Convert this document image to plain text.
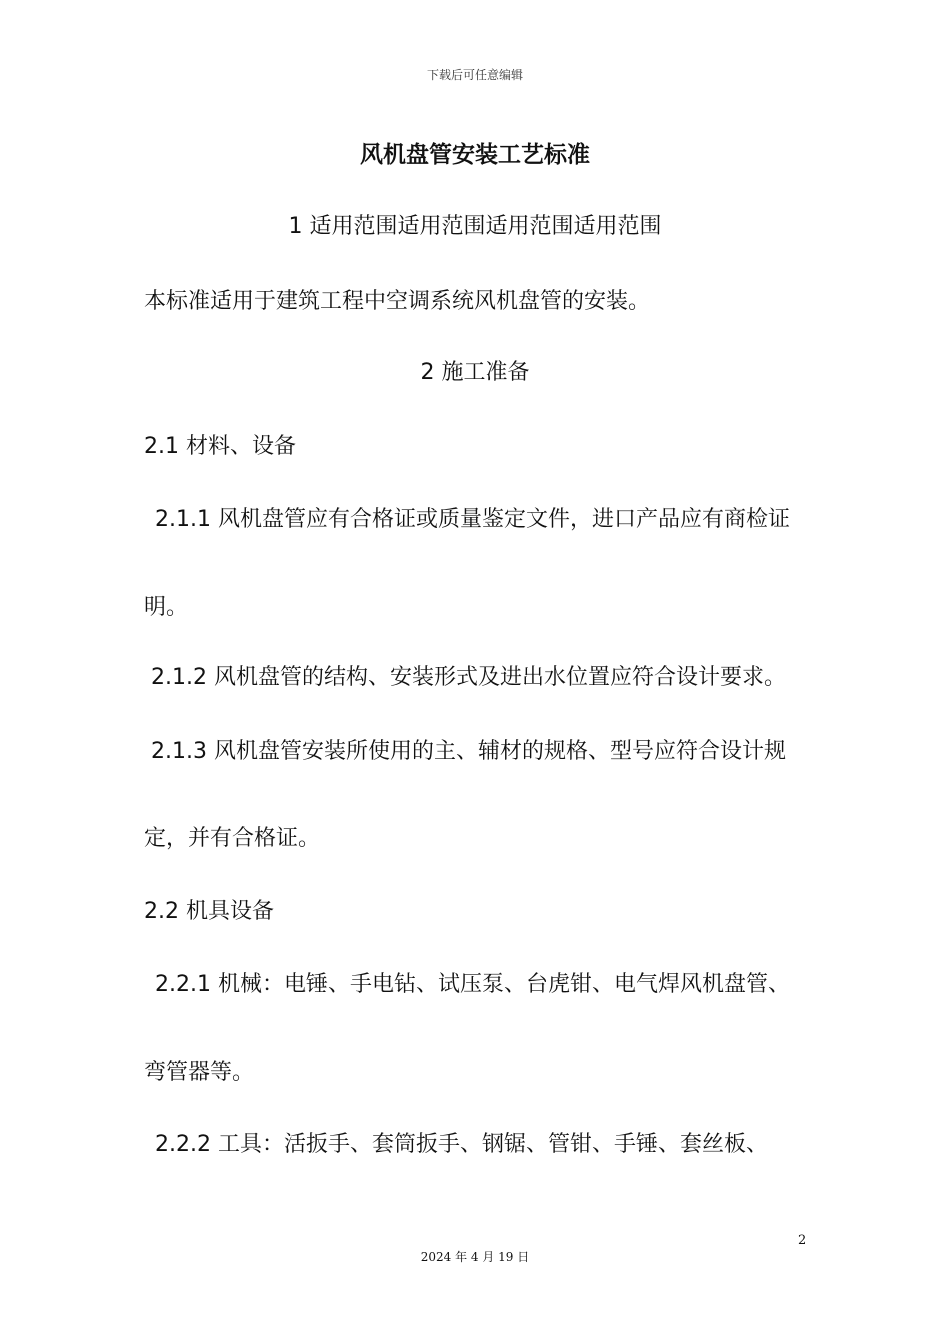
下载后可任意编辑
风机盘管安装工艺标准
1 适用范围适用范围适用范围适用范围
本标准适用于建筑工程中空调系统风机盘管的安装。
2 施工准备
2.1 材料、设备
2.1.1 风机盘管应有合格证或质量鉴定文件，进口产品应有商检证
明。
2.1.2 风机盘管的结构、安装形式及进出水位置应符合设计要求。
2.1.3 风机盘管安装所使用的主、辅材的规格、型号应符合设计规
定，并有合格证。
2.2 机具设备
2.2.1 机械：电锤、手电钻、试压泵、台虎钳、电气焊风机盘管、
弯管器等。
2.2.2 工具：活扳手、套筒扳手、钢锯、管钳、手锤、套丝板、
2
2024 年 4 月 19 日
